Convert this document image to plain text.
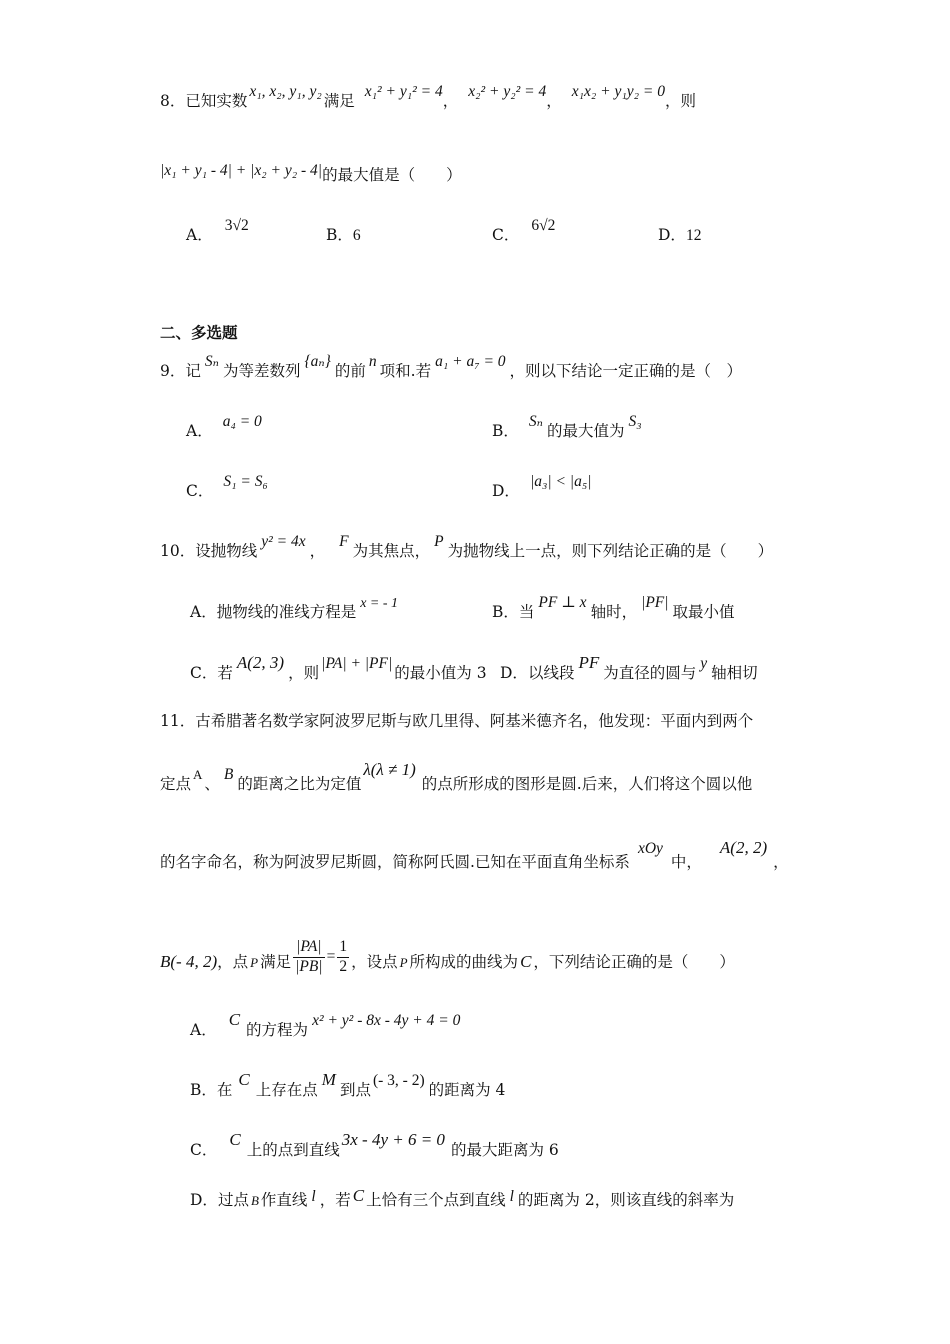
8．已知实数x₁, x₂, y₁, y₂满足x₁² + y₁² = 4，x₂² + y₂² = 4，x₁x₂ + y₁y₂ = 0，则
|x₁ + y₁ - 4| + |x₂ + y₂ - 4|的最大值是（　　）
A．3√2
B．6	C．6√2
D．12
二、多选题
9．记Sₙ为等差数列{aₙ}的前n项和.若a₁ + a₇ = 0，则以下结论一定正确的是（　）
A．a₄ = 0
B．Sₙ的最大值为S₃
C．S₁ = S₆
D．|a₃| < |a₅|
10．设抛物线y² = 4x，F为其焦点，P为抛物线上一点，则下列结论正确的是（　　）
A．抛物线的准线方程是 x = - 1	B．当PF ⊥ x轴时，|PF|取最小值
C．若A(2, 3)，则|PA| + |PF|的最小值为 3 D．以线段PF为直径的圆与y轴相切
11．古希腊著名数学家阿波罗尼斯与欧几里得、阿基米德齐名，他发现：平面内到两个
定点$^A$、B的距离之比为定值λ(λ ≠ 1)的点所形成的图形是圆.后来，人们将这个圆以他
的名字命名，称为阿波罗尼斯圆，简称阿氏圆.已知在平面直角坐标系xOy中，A(2, 2)，
B(- 4, 2)，点 P 满足 $\frac{|PA|}{|PB|} = \frac{1}{2}$ ，设点 P 所构成的曲线为 C ，下列结论正确的是（　　）
A．C的方程为x² + y² - 8x - 4y + 4 = 0
B．在C上存在点M到点(- 3, - 2)的距离为 4
C．C上的点到直线3x - 4y + 6 = 0的最大距离为 6
D．过点 B 作直线 l ，若 C 上恰有三个点到直线 l 的距离为 2，则该直线的斜率为
